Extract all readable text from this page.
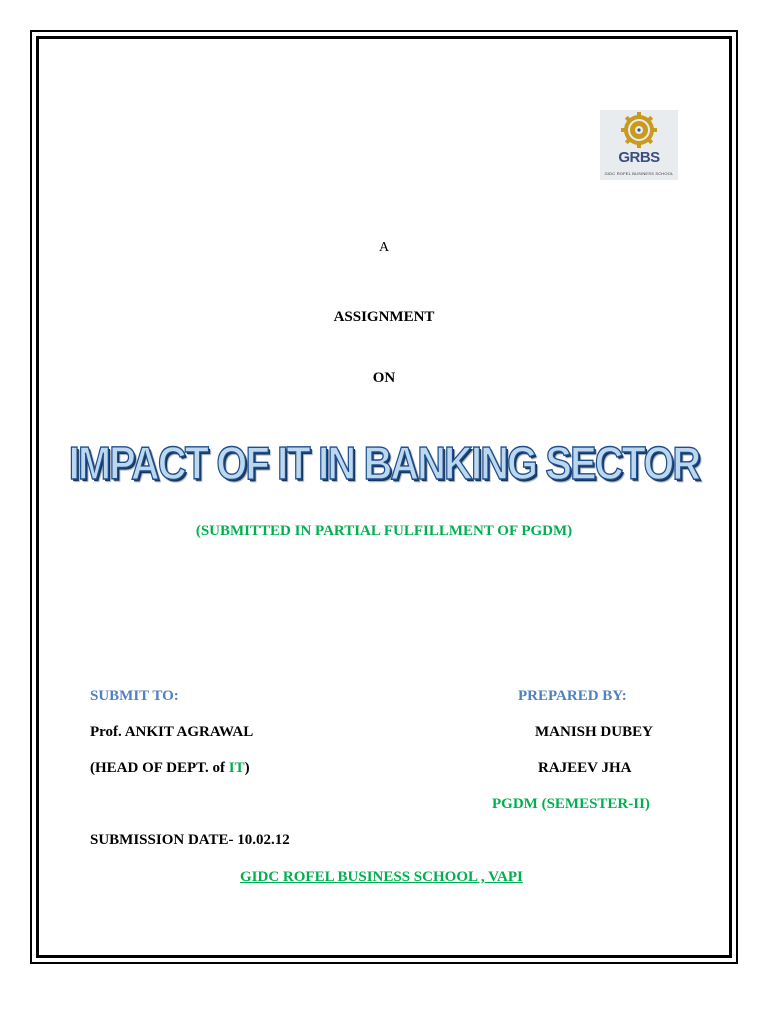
GRBS
GIDC ROFEL BUSINESS SCHOOL
A
ASSIGNMENT
ON
IMPACT OF IT IN BANKING SECTOR
(SUBMITTED IN PARTIAL FULFILLMENT OF PGDM)
SUBMIT TO:	PREPARED BY:
Prof. ANKIT AGRAWAL	MANISH DUBEY
(HEAD OF DEPT. of IT)	RAJEEV JHA
PGDM (SEMESTER-II)
SUBMISSION DATE- 10.02.12
GIDC ROFEL BUSINESS SCHOOL , VAPI
